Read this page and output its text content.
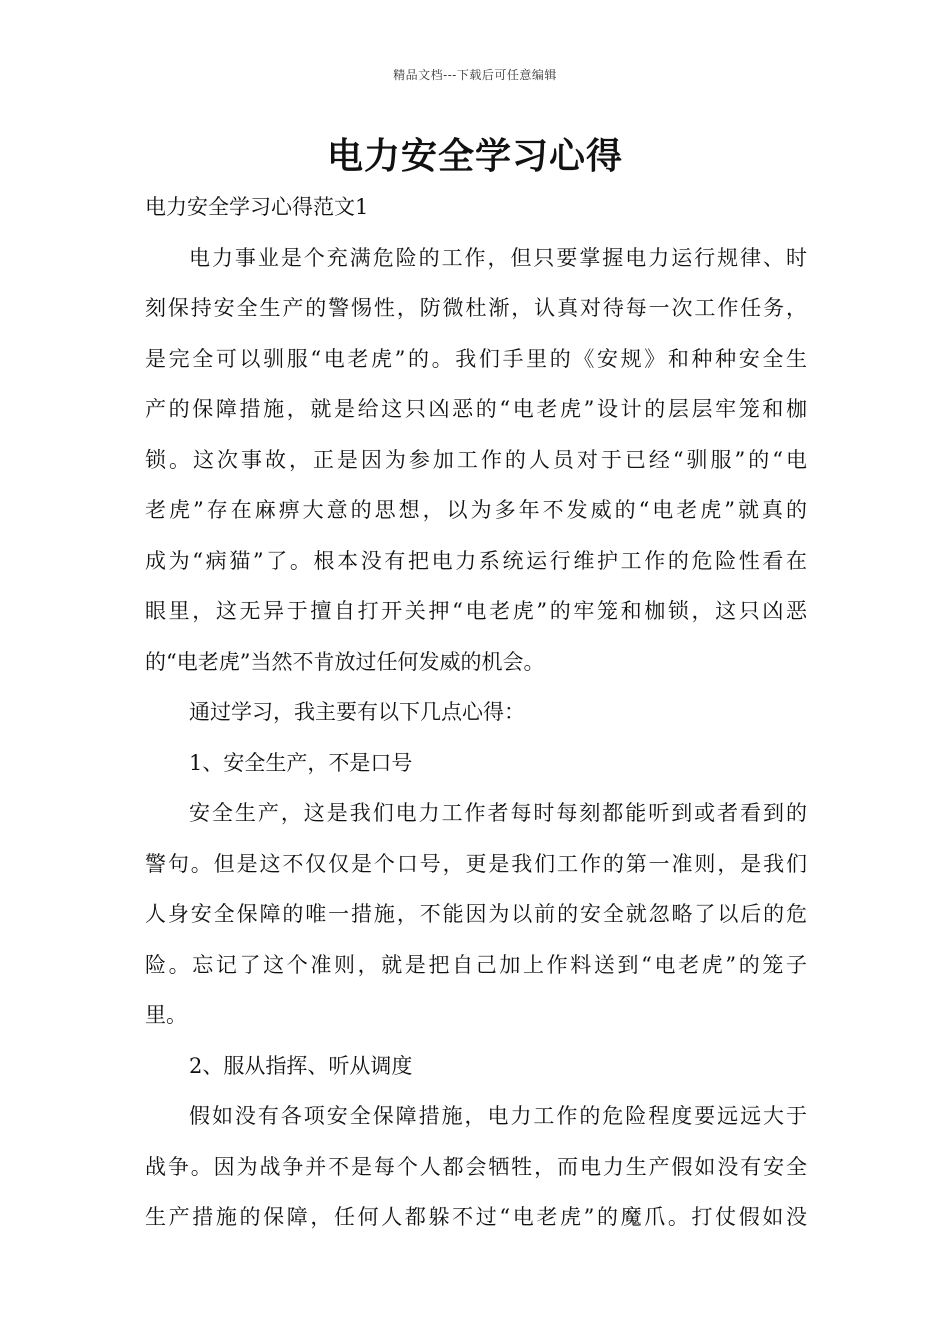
精品文档---下载后可任意编辑
电力安全学习心得
电力安全学习心得范文1
电力事业是个充满危险的工作，但只要掌握电力运行规律、时
刻保持安全生产的警惕性，防微杜渐，认真对待每一次工作任务，
是完全可以驯服“电老虎”的。我们手里的《安规》和种种安全生
产的保障措施，就是给这只凶恶的“电老虎”设计的层层牢笼和枷
锁。这次事故，正是因为参加工作的人员对于已经“驯服”的“电
老虎”存在麻痹大意的思想，以为多年不发威的“电老虎”就真的
成为“病猫”了。根本没有把电力系统运行维护工作的危险性看在
眼里，这无异于擅自打开关押“电老虎”的牢笼和枷锁，这只凶恶
的“电老虎”当然不肯放过任何发威的机会。
通过学习，我主要有以下几点心得：
1、安全生产，不是口号
安全生产，这是我们电力工作者每时每刻都能听到或者看到的
警句。但是这不仅仅是个口号，更是我们工作的第一准则，是我们
人身安全保障的唯一措施，不能因为以前的安全就忽略了以后的危
险。忘记了这个准则，就是把自己加上作料送到“电老虎”的笼子
里。
2、服从指挥、听从调度
假如没有各项安全保障措施，电力工作的危险程度要远远大于
战争。因为战争并不是每个人都会牺牲，而电力生产假如没有安全
生产措施的保障，任何人都躲不过“电老虎”的魔爪。打仗假如没
